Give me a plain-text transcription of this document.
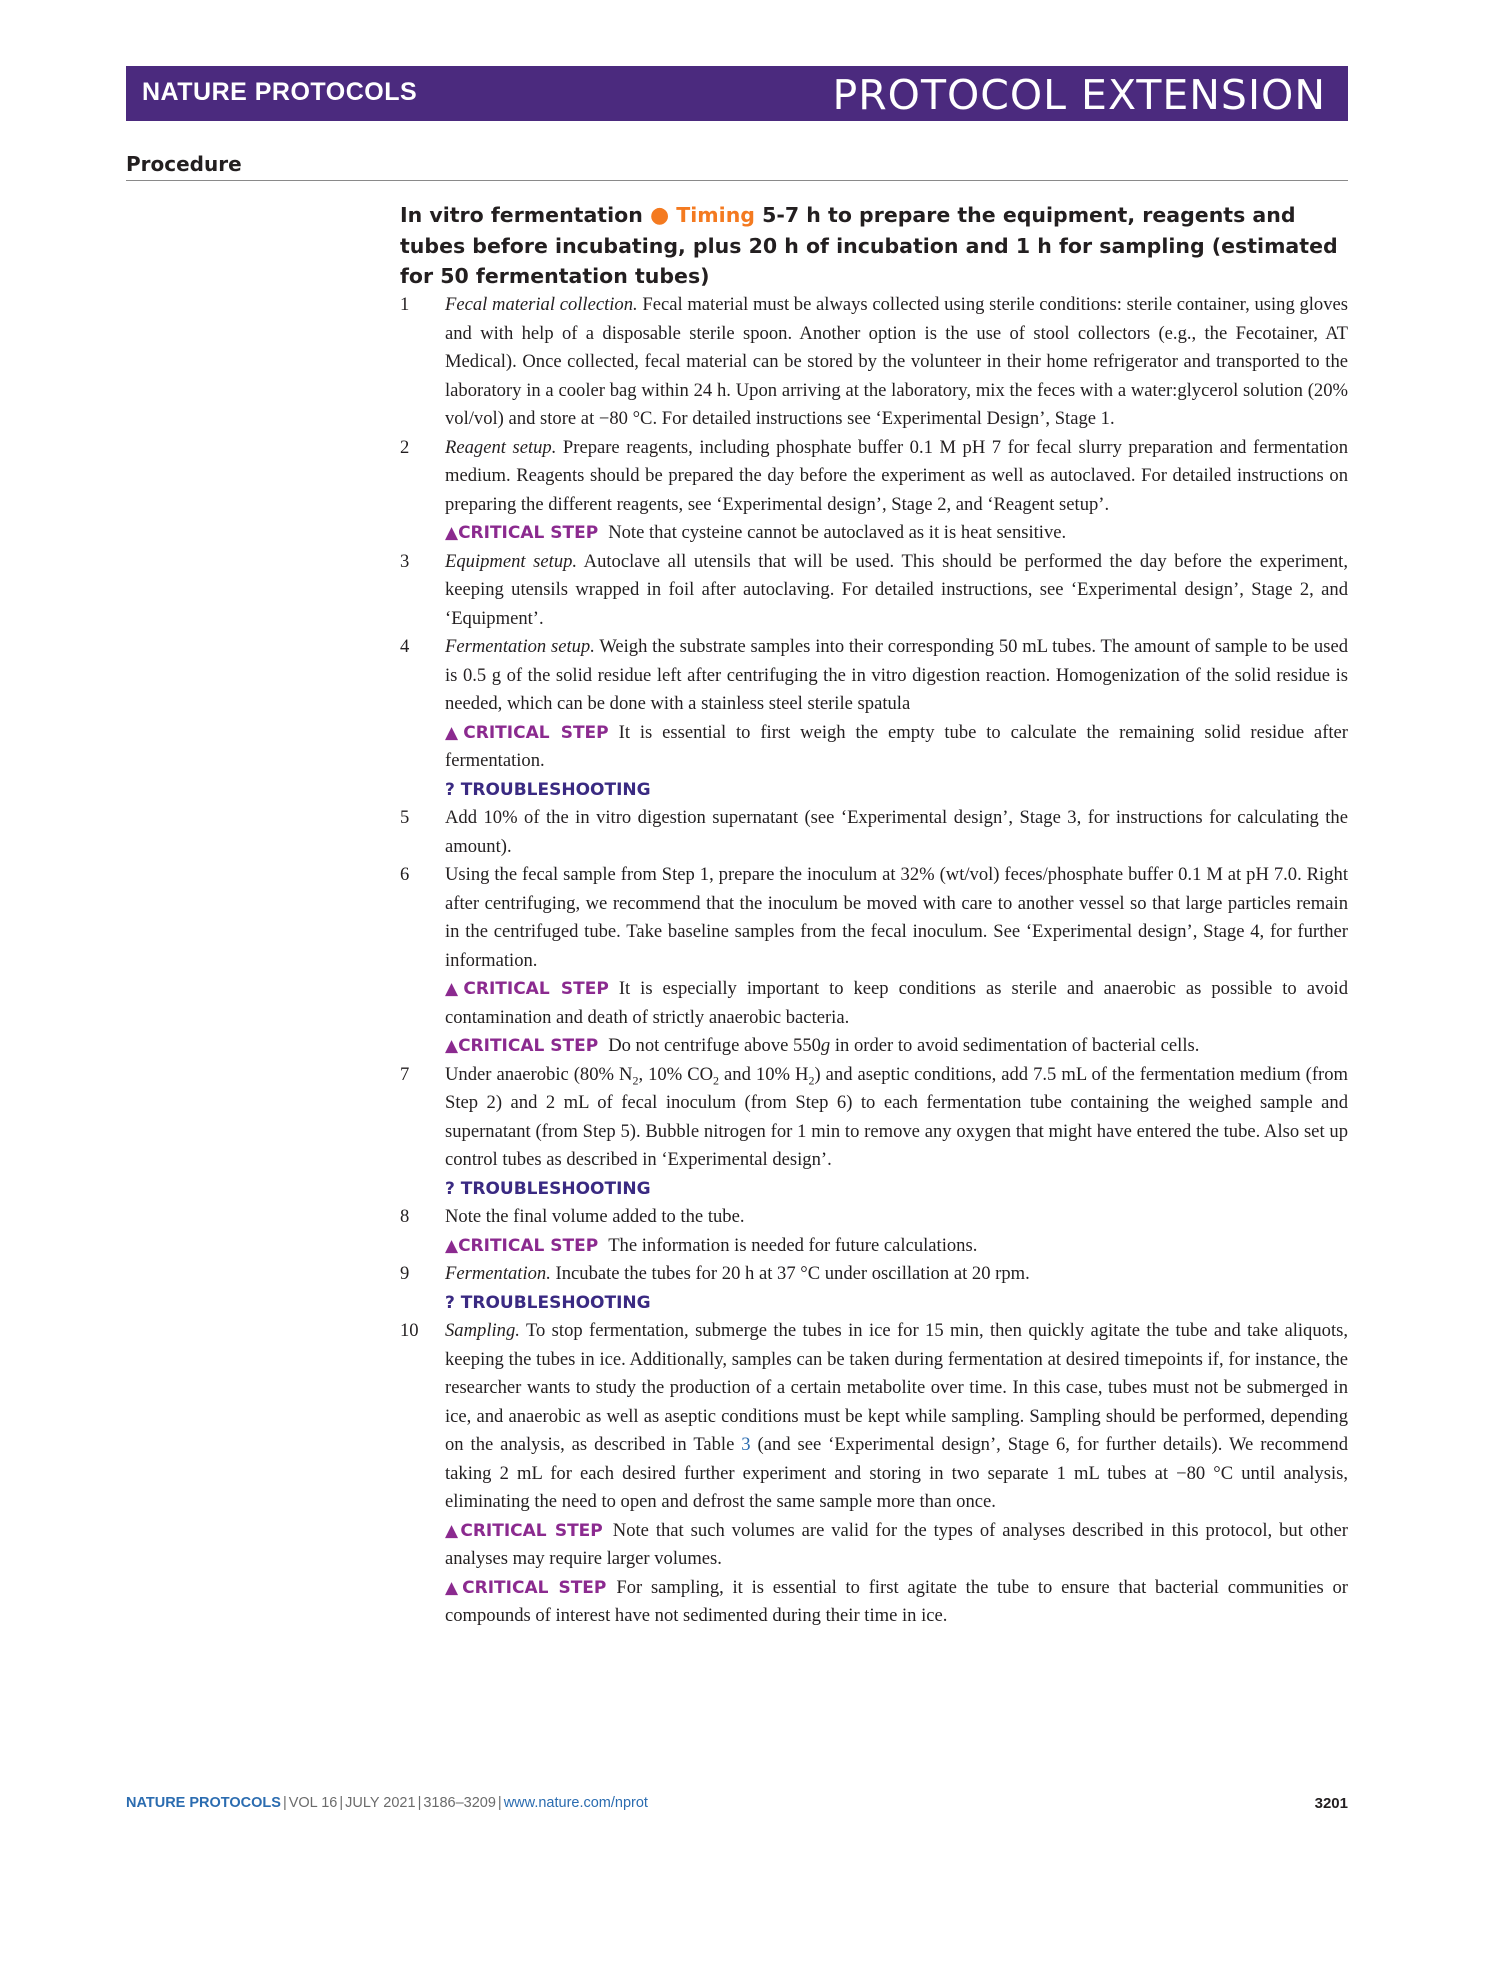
NATURE PROTOCOLS	PROTOCOL EXTENSION
Procedure
In vitro fermentation ● Timing 5-7 h to prepare the equipment, reagents and tubes before incubating, plus 20 h of incubation and 1 h for sampling (estimated for 50 fermentation tubes)
1 Fecal material collection. Fecal material must be always collected using sterile conditions: sterile container, using gloves and with help of a disposable sterile spoon. Another option is the use of stool collectors (e.g., the Fecotainer, AT Medical). Once collected, fecal material can be stored by the volunteer in their home refrigerator and transported to the laboratory in a cooler bag within 24 h. Upon arriving at the laboratory, mix the feces with a water:glycerol solution (20% vol/vol) and store at −80 °C. For detailed instructions see ‘Experimental Design’, Stage 1.
2 Reagent setup. Prepare reagents, including phosphate buffer 0.1 M pH 7 for fecal slurry preparation and fermentation medium. Reagents should be prepared the day before the experiment as well as autoclaved. For detailed instructions on preparing the different reagents, see ‘Experimental design’, Stage 2, and ‘Reagent setup’.
▲CRITICAL STEP Note that cysteine cannot be autoclaved as it is heat sensitive.
3 Equipment setup. Autoclave all utensils that will be used. This should be performed the day before the experiment, keeping utensils wrapped in foil after autoclaving. For detailed instructions, see ‘Experimental design’, Stage 2, and ‘Equipment’.
4 Fermentation setup. Weigh the substrate samples into their corresponding 50 mL tubes. The amount of sample to be used is 0.5 g of the solid residue left after centrifuging the in vitro digestion reaction. Homogenization of the solid residue is needed, which can be done with a stainless steel sterile spatula
▲CRITICAL STEP It is essential to first weigh the empty tube to calculate the remaining solid residue after fermentation.
? TROUBLESHOOTING
5 Add 10% of the in vitro digestion supernatant (see ‘Experimental design’, Stage 3, for instructions for calculating the amount).
6 Using the fecal sample from Step 1, prepare the inoculum at 32% (wt/vol) feces/phosphate buffer 0.1 M at pH 7.0. Right after centrifuging, we recommend that the inoculum be moved with care to another vessel so that large particles remain in the centrifuged tube. Take baseline samples from the fecal inoculum. See ‘Experimental design’, Stage 4, for further information.
▲CRITICAL STEP It is especially important to keep conditions as sterile and anaerobic as possible to avoid contamination and death of strictly anaerobic bacteria.
▲CRITICAL STEP Do not centrifuge above 550g in order to avoid sedimentation of bacterial cells.
7 Under anaerobic (80% $N_2$, 10% $CO_2$ and 10% $H_2$) and aseptic conditions, add 7.5 mL of the fermentation medium (from Step 2) and 2 mL of fecal inoculum (from Step 6) to each fermentation tube containing the weighed sample and supernatant (from Step 5). Bubble nitrogen for 1 min to remove any oxygen that might have entered the tube. Also set up control tubes as described in ‘Experimental design’.
? TROUBLESHOOTING
8 Note the final volume added to the tube.
▲CRITICAL STEP The information is needed for future calculations.
9 Fermentation. Incubate the tubes for 20 h at 37 °C under oscillation at 20 rpm.
? TROUBLESHOOTING
10 Sampling. To stop fermentation, submerge the tubes in ice for 15 min, then quickly agitate the tube and take aliquots, keeping the tubes in ice. Additionally, samples can be taken during fermentation at desired timepoints if, for instance, the researcher wants to study the production of a certain metabolite over time. In this case, tubes must not be submerged in ice, and anaerobic as well as aseptic conditions must be kept while sampling. Sampling should be performed, depending on the analysis, as described in Table 3 (and see ‘Experimental design’, Stage 6, for further details). We recommend taking 2 mL for each desired further experiment and storing in two separate 1 mL tubes at −80 °C until analysis, eliminating the need to open and defrost the same sample more than once.
▲CRITICAL STEP Note that such volumes are valid for the types of analyses described in this protocol, but other analyses may require larger volumes.
▲CRITICAL STEP For sampling, it is essential to first agitate the tube to ensure that bacterial communities or compounds of interest have not sedimented during their time in ice.
NATURE PROTOCOLS | VOL 16 | JULY 2021 | 3186–3209 | www.nature.com/nprot	3201
